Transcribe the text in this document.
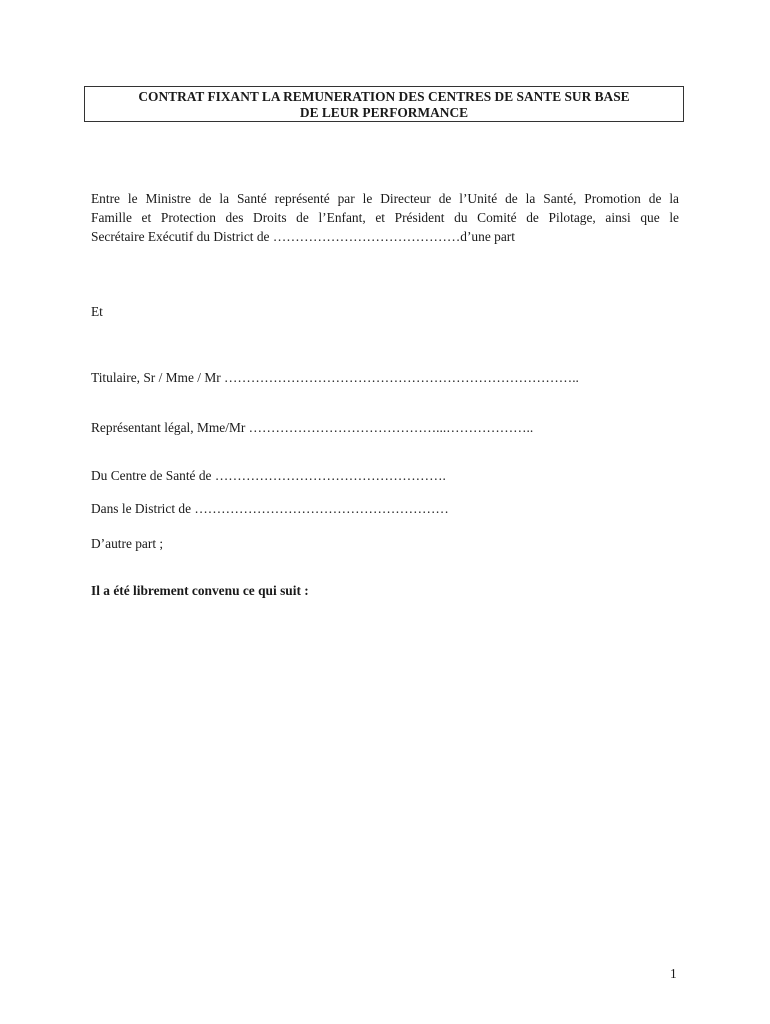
CONTRAT FIXANT LA REMUNERATION DES CENTRES DE SANTE SUR BASE
DE LEUR PERFORMANCE
Entre le Ministre de la Santé représenté par le Directeur de l’Unité de la Santé, Promotion de la
Famille et Protection des Droits de l’Enfant, et Président du Comité de Pilotage, ainsi que le
Secrétaire Exécutif du District de ……………………………………d’une part
Et
Titulaire, Sr / Mme / Mr ……………………………………………………………………..
Représentant légal, Mme/Mr ……………………………………...………………..
Du Centre de Santé de …………………………………………….
Dans le District de …………………………………………………
D’autre part ;
Il a été librement convenu ce qui suit :
1
